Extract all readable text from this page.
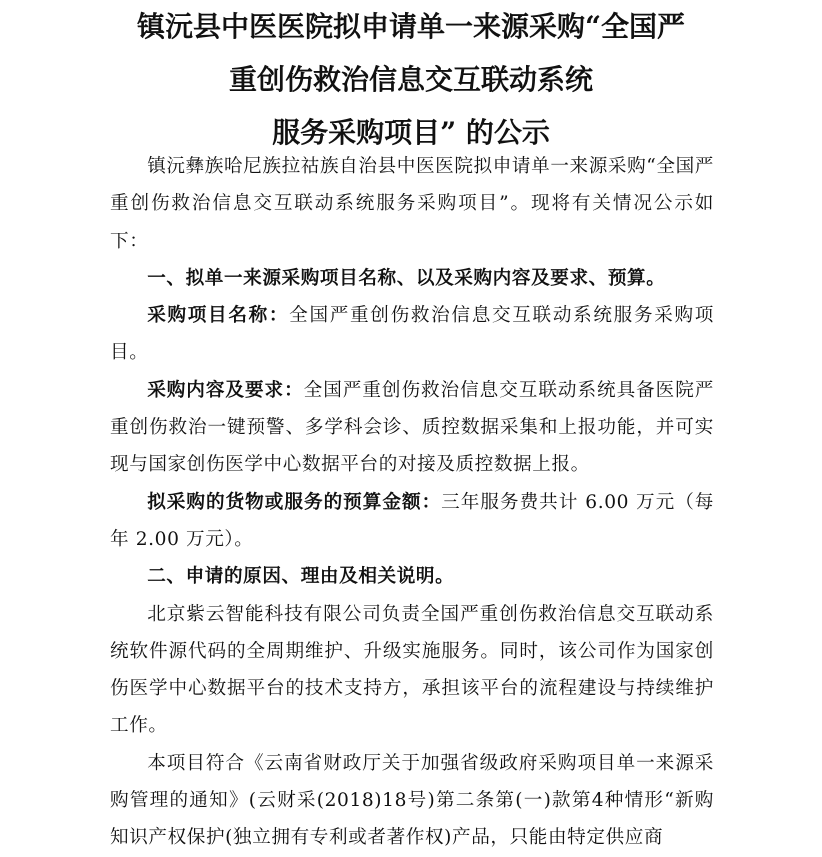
镇沅县中医医院拟申请单一来源采购“全国严
重创伤救治信息交互联动系统
服务采购项目” 的公示

镇沅彝族哈尼族拉祜族自治县中医医院拟申请单一来源采购“全国严重创伤救治信息交互联动系统服务采购项目”。现将有关情况公示如下：

一、拟单一来源采购项目名称、以及采购内容及要求、预算。

采购项目名称：全国严重创伤救治信息交互联动系统服务采购项目。

采购内容及要求：全国严重创伤救治信息交互联动系统具备医院严重创伤救治一键预警、多学科会诊、质控数据采集和上报功能，并可实现与国家创伤医学中心数据平台的对接及质控数据上报。

拟采购的货物或服务的预算金额：三年服务费共计 6.00 万元（每年 2.00 万元）。

二、申请的原因、理由及相关说明。

北京紫云智能科技有限公司负责全国严重创伤救治信息交互联动系统软件源代码的全周期维护、升级实施服务。同时，该公司作为国家创伤医学中心数据平台的技术支持方，承担该平台的流程建设与持续维护工作。

本项目符合《云南省财政厅关于加强省级政府采购项目单一来源采购管理的通知》(云财采(2018)18号)第二条第(一)款第4种情形“新购知识产权保护(独立拥有专利或者著作权)产品，只能由特定供应商
